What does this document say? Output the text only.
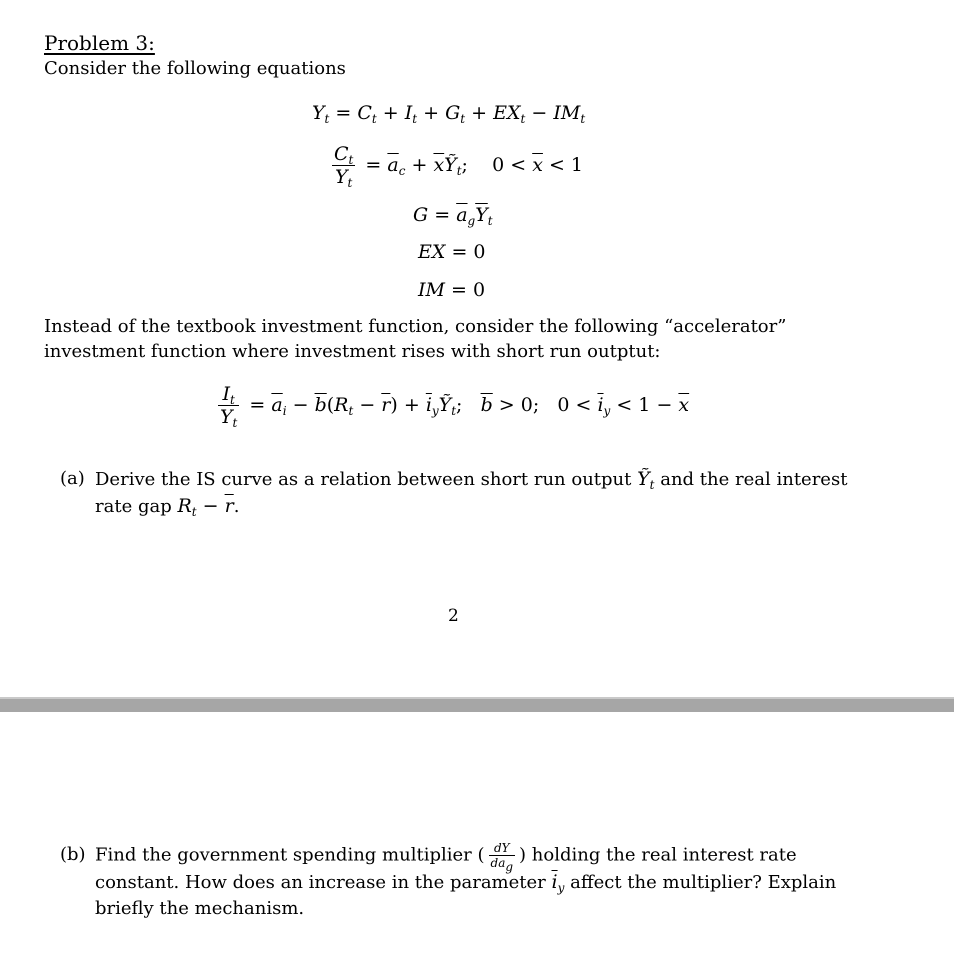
Problem 3:
Consider the following equations
$Y_t = C_t + I_t + G_t + EX_t - IM_t$
$\frac{C_t}{\overline{Y}_t} = \overline{a}_c$ + $\overline{x}Ỹ_t$;    $0 < \overline{x} < 1$
$G = \overline{a}_g\overline{Y}_t$
EX = 0
IM = 0
Instead of the textbook investment function, consider the following “accelerator” investment function where investment rises with short run outptut:
$\frac{I_t}{\overline{Y}_t} = \overline{a}_i - \overline{b}(R_t - \overline{r})$ + $\overline{i}_yỸ_t$;   $\overline{b} > 0$;   $0 < \overline{i}_y < 1 - \overline{x}$
(a) Derive the IS curve as a relation between short run output Ỹ$_t$ and the real interest rate gap $R_t - \overline{r}$.
2
(b) Find the government spending multiplier ( $\frac{dY}{d\overline{a}_g}$ ) holding the real interest rate constant. How does an increase in the parameter $\overline{i}_y$ affect the multiplier? Explain briefly the mechanism.
